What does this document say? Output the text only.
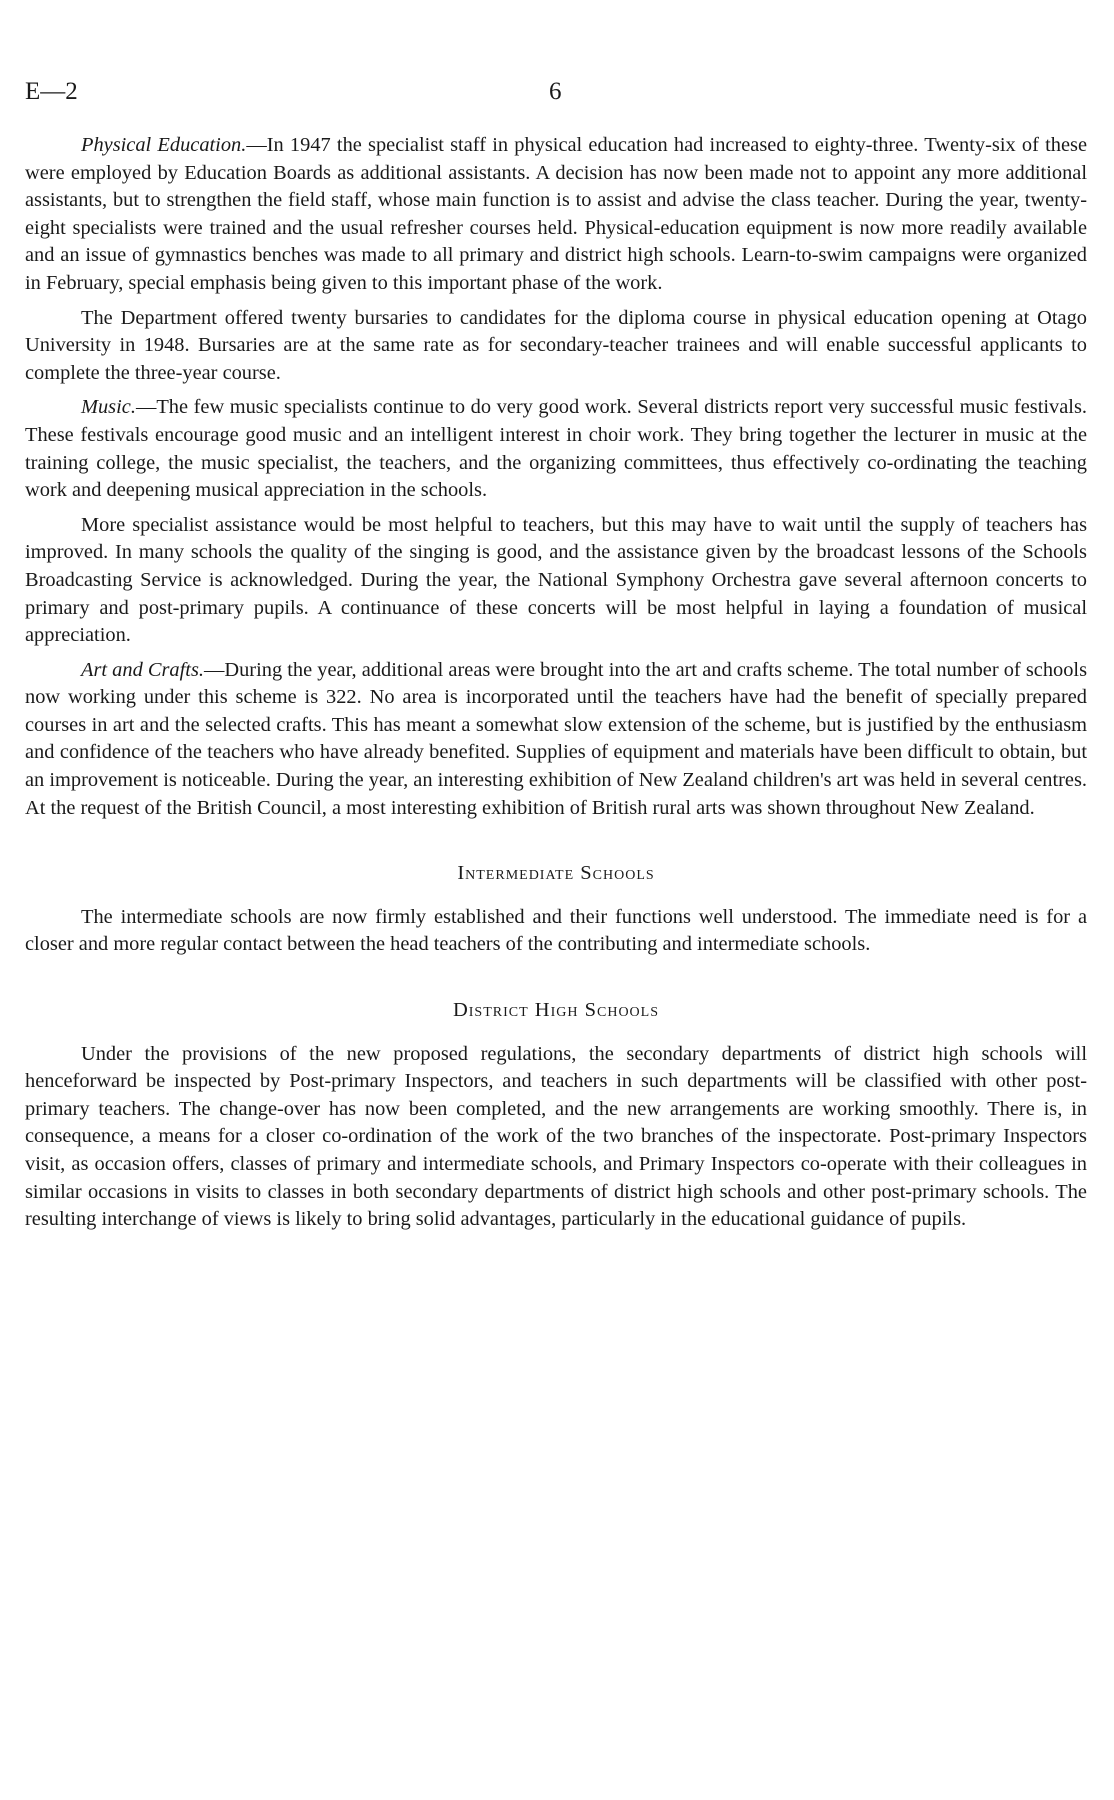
E—2	6

Physical Education.—In 1947 the specialist staff in physical education had increased to eighty-three. Twenty-six of these were employed by Education Boards as additional assistants. A decision has now been made not to appoint any more additional assistants, but to strengthen the field staff, whose main function is to assist and advise the class teacher. During the year, twenty-eight specialists were trained and the usual refresher courses held. Physical-education equipment is now more readily available and an issue of gymnastics benches was made to all primary and district high schools. Learn-to-swim campaigns were organized in February, special emphasis being given to this important phase of the work.

The Department offered twenty bursaries to candidates for the diploma course in physical education opening at Otago University in 1948. Bursaries are at the same rate as for secondary-teacher trainees and will enable successful applicants to complete the three-year course.

Music.—The few music specialists continue to do very good work. Several districts report very successful music festivals. These festivals encourage good music and an intelligent interest in choir work. They bring together the lecturer in music at the training college, the music specialist, the teachers, and the organizing committees, thus effectively co-ordinating the teaching work and deepening musical appreciation in the schools.

More specialist assistance would be most helpful to teachers, but this may have to wait until the supply of teachers has improved. In many schools the quality of the singing is good, and the assistance given by the broadcast lessons of the Schools Broadcasting Service is acknowledged. During the year, the National Symphony Orchestra gave several afternoon concerts to primary and post-primary pupils. A continuance of these concerts will be most helpful in laying a foundation of musical appreciation.

Art and Crafts.—During the year, additional areas were brought into the art and crafts scheme. The total number of schools now working under this scheme is 322. No area is incorporated until the teachers have had the benefit of specially prepared courses in art and the selected crafts. This has meant a somewhat slow extension of the scheme, but is justified by the enthusiasm and confidence of the teachers who have already benefited. Supplies of equipment and materials have been difficult to obtain, but an improvement is noticeable. During the year, an interesting exhibition of New Zealand children's art was held in several centres. At the request of the British Council, a most interesting exhibition of British rural arts was shown throughout New Zealand.

Intermediate Schools

The intermediate schools are now firmly established and their functions well understood. The immediate need is for a closer and more regular contact between the head teachers of the contributing and intermediate schools.

District High Schools

Under the provisions of the new proposed regulations, the secondary departments of district high schools will henceforward be inspected by Post-primary Inspectors, and teachers in such departments will be classified with other post-primary teachers. The change-over has now been completed, and the new arrangements are working smoothly. There is, in consequence, a means for a closer co-ordination of the work of the two branches of the inspectorate. Post-primary Inspectors visit, as occasion offers, classes of primary and intermediate schools, and Primary Inspectors co-operate with their colleagues in similar occasions in visits to classes in both secondary departments of district high schools and other post-primary schools. The resulting interchange of views is likely to bring solid advantages, particularly in the educational guidance of pupils.
